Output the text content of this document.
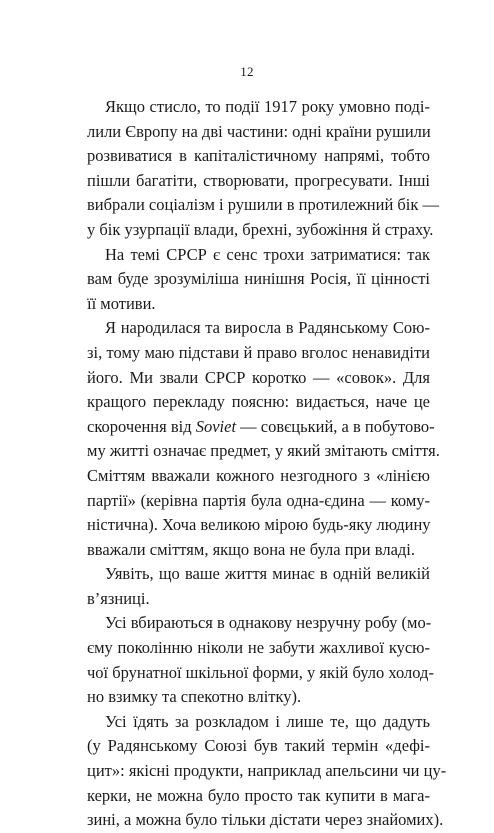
12

Якщо стисло, то події 1917 року умовно поді-
лили Європу на дві частини: одні країни рушили
розвиватися в капіталістичному напрямі, тобто
пішли багатіти, створювати, прогресувати. Інші
вибрали соціалізм і рушили в протилежний бік —
у бік узурпації влади, брехні, зубожіння й страху.

На темі СРСР є сенс трохи затриматися: так
вам буде зрозуміліша нинішня Росія, її цінності
її мотиви.

Я народилася та виросла в Радянському Сою-
зі, тому маю підстави й право вголос ненавидіти
його. Ми звали СРСР коротко — «совок». Для
кращого перекладу поясню: видається, наче це
скорочення від Soviet — совєцький, а в побутово-
му житті означає предмет, у який змітають сміття.
Сміттям вважали кожного незгодного з «лінією
партії» (керівна партія була одна-єдина — кому-
ністична). Хоча великою мірою будь-яку людину
вважали сміттям, якщо вона не була при владі.

Уявіть, що ваше життя минає в одній великій
в’язниці.

Усі вбираються в однакову незручну робу (мо-
єму поколінню ніколи не забути жахливої кусю-
чої брунатної шкільної форми, у якій було холод-
но взимку та спекотно влітку).

Усі їдять за розкладом і лише те, що дадуть
(у Радянському Союзі був такий термін «дефі-
цит»: якісні продукти, наприклад апельсини чи цу-
керки, не можна було просто так купити в мага-
зині, а можна було тільки дістати через знайомих).
